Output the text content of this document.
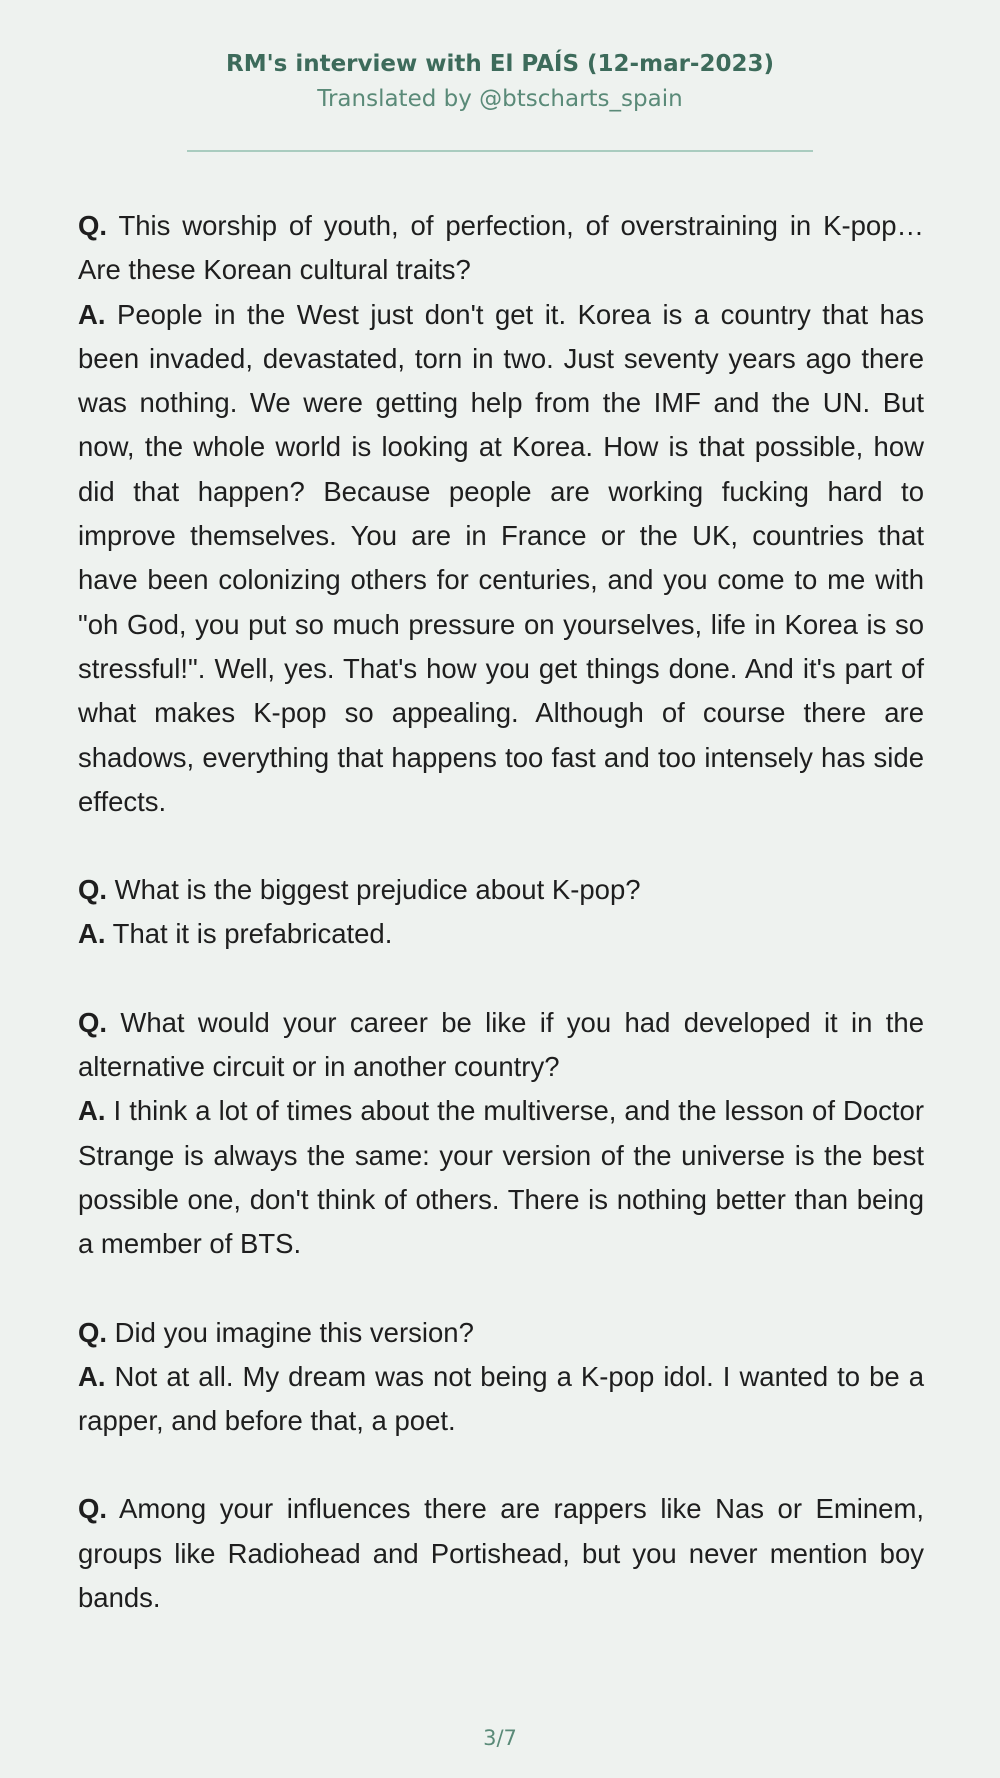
RM's interview with El PAÍS (12-mar-2023)

Translated by @btscharts_spain

Q. This worship of youth, of perfection, of overstraining in K-pop… Are these Korean cultural traits?

A. People in the West just don't get it. Korea is a country that has been invaded, devastated, torn in two. Just seventy years ago there was nothing. We were getting help from the IMF and the UN. But now, the whole world is looking at Korea. How is that possible, how did that happen? Because people are working fucking hard to improve themselves. You are in France or the UK, countries that have been colonizing others for centuries, and you come to me with "oh God, you put so much pressure on yourselves, life in Korea is so stressful!". Well, yes. That's how you get things done. And it's part of what makes K-pop so appealing. Although of course there are shadows, everything that happens too fast and too intensely has side effects.

Q. What is the biggest prejudice about K-pop?

A. That it is prefabricated.

Q. What would your career be like if you had developed it in the alternative circuit or in another country?

A. I think a lot of times about the multiverse, and the lesson of Doctor Strange is always the same: your version of the universe is the best possible one, don't think of others. There is nothing better than being a member of BTS.

Q. Did you imagine this version?

A. Not at all. My dream was not being a K-pop idol. I wanted to be a rapper, and before that, a poet.

Q. Among your influences there are rappers like Nas or Eminem, groups like Radiohead and Portishead, but you never mention boy bands.

3/7
